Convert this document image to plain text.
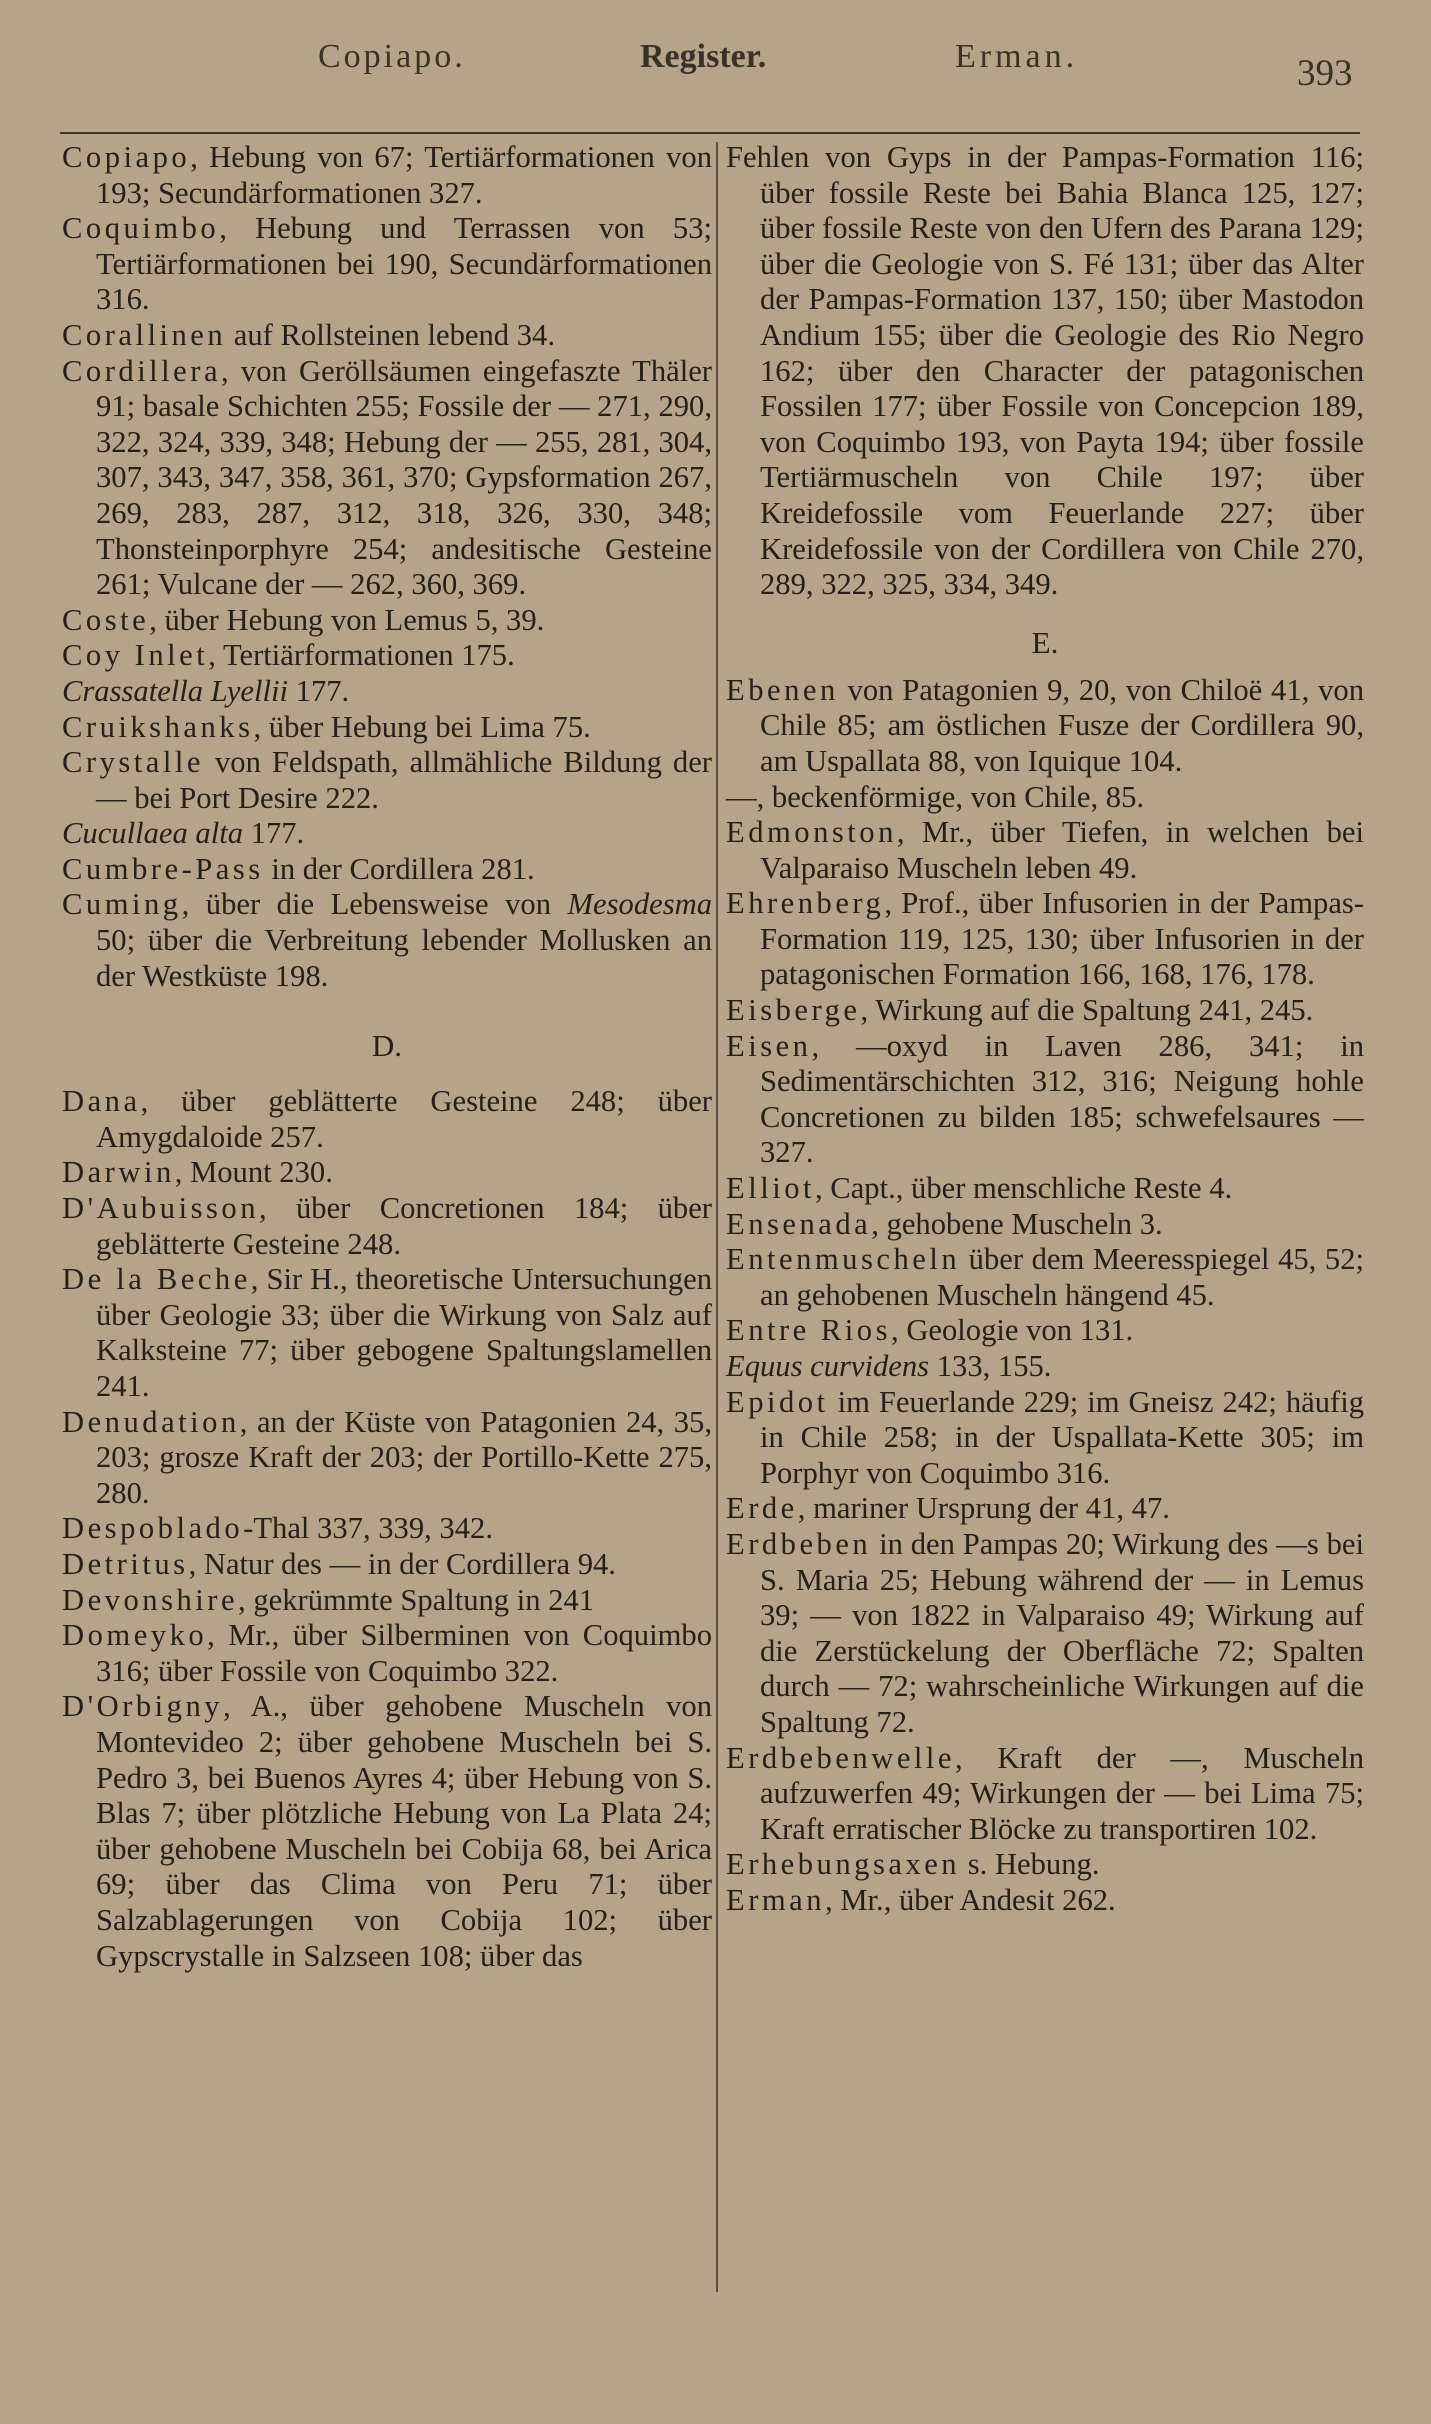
Copiapo.	Register.	Erman.	393

Copiapo, Hebung von 67; Tertiärformationen von 193; Secundärformationen 327.

Coquimbo, Hebung und Terrassen von 53; Tertiärformationen bei 190, Secundärformationen 316.

Corallinen auf Rollsteinen lebend 34.

Cordillera, von Geröllsäumen eingefaszte Thäler 91; basale Schichten 255; Fossile der — 271, 290, 322, 324, 339, 348; Hebung der — 255, 281, 304, 307, 343, 347, 358, 361, 370; Gypsformation 267, 269, 283, 287, 312, 318, 326, 330, 348; Thonsteinporphyre 254; andesitische Gesteine 261; Vulcane der — 262, 360, 369.

Coste, über Hebung von Lemus 5, 39.

Coy Inlet, Tertiärformationen 175.

Crassatella Lyellii 177.

Cruikshanks, über Hebung bei Lima 75.

Crystalle von Feldspath, allmähliche Bildung der — bei Port Desire 222.

Cucullaea alta 177.

Cumbre-Pass in der Cordillera 281.

Cuming, über die Lebensweise von Mesodesma 50; über die Verbreitung lebender Mollusken an der Westküste 198.

D.

Dana, über geblätterte Gesteine 248; über Amygdaloide 257.

Darwin, Mount 230.

D'Aubuisson, über Concretionen 184; über geblätterte Gesteine 248.

De la Beche, Sir H., theoretische Untersuchungen über Geologie 33; über die Wirkung von Salz auf Kalksteine 77; über gebogene Spaltungslamellen 241.

Denudation, an der Küste von Patagonien 24, 35, 203; grosze Kraft der 203; der Portillo-Kette 275, 280.

Despoblado-Thal 337, 339, 342.

Detritus, Natur des — in der Cordillera 94.

Devonshire, gekrümmte Spaltung in 241

Domeyko, Mr., über Silberminen von Coquimbo 316; über Fossile von Coquimbo 322.

D'Orbigny, A., über gehobene Muscheln von Montevideo 2; über gehobene Muscheln bei S. Pedro 3, bei Buenos Ayres 4; über Hebung von S. Blas 7; über plötzliche Hebung von La Plata 24; über gehobene Muscheln bei Cobija 68, bei Arica 69; über das Clima von Peru 71; über Salzablagerungen von Cobija 102; über Gypscrystalle in Salzseen 108; über das

Fehlen von Gyps in der Pampas-Formation 116; über fossile Reste bei Bahia Blanca 125, 127; über fossile Reste von den Ufern des Parana 129; über die Geologie von S. Fé 131; über das Alter der Pampas-Formation 137, 150; über Mastodon Andium 155; über die Geologie des Rio Negro 162; über den Character der patagonischen Fossilen 177; über Fossile von Concepcion 189, von Coquimbo 193, von Payta 194; über fossile Tertiärmuscheln von Chile 197; über Kreidefossile vom Feuerlande 227; über Kreidefossile von der Cordillera von Chile 270, 289, 322, 325, 334, 349.

E.

Ebenen von Patagonien 9, 20, von Chiloë 41, von Chile 85; am östlichen Fusze der Cordillera 90, am Uspallata 88, von Iquique 104.

—, beckenförmige, von Chile, 85.

Edmonston, Mr., über Tiefen, in welchen bei Valparaiso Muscheln leben 49.

Ehrenberg, Prof., über Infusorien in der Pampas-Formation 119, 125, 130; über Infusorien in der patagonischen Formation 166, 168, 176, 178.

Eisberge, Wirkung auf die Spaltung 241, 245.

Eisen, —oxyd in Laven 286, 341; in Sedimentärschichten 312, 316; Neigung hohle Concretionen zu bilden 185; schwefelsaures — 327.

Elliot, Capt., über menschliche Reste 4.

Ensenada, gehobene Muscheln 3.

Entenmuscheln über dem Meeresspiegel 45, 52; an gehobenen Muscheln hängend 45.

Entre Rios, Geologie von 131.

Equus curvidens 133, 155.

Epidot im Feuerlande 229; im Gneisz 242; häufig in Chile 258; in der Uspallata-Kette 305; im Porphyr von Coquimbo 316.

Erde, mariner Ursprung der 41, 47.

Erdbeben in den Pampas 20; Wirkung des —s bei S. Maria 25; Hebung während der — in Lemus 39; — von 1822 in Valparaiso 49; Wirkung auf die Zerstückelung der Oberfläche 72; Spalten durch — 72; wahrscheinliche Wirkungen auf die Spaltung 72.

Erdbebenwelle, Kraft der —, Muscheln aufzuwerfen 49; Wirkungen der — bei Lima 75; Kraft erratischer Blöcke zu transportiren 102.

Erhebungsaxen s. Hebung.

Erman, Mr., über Andesit 262.
